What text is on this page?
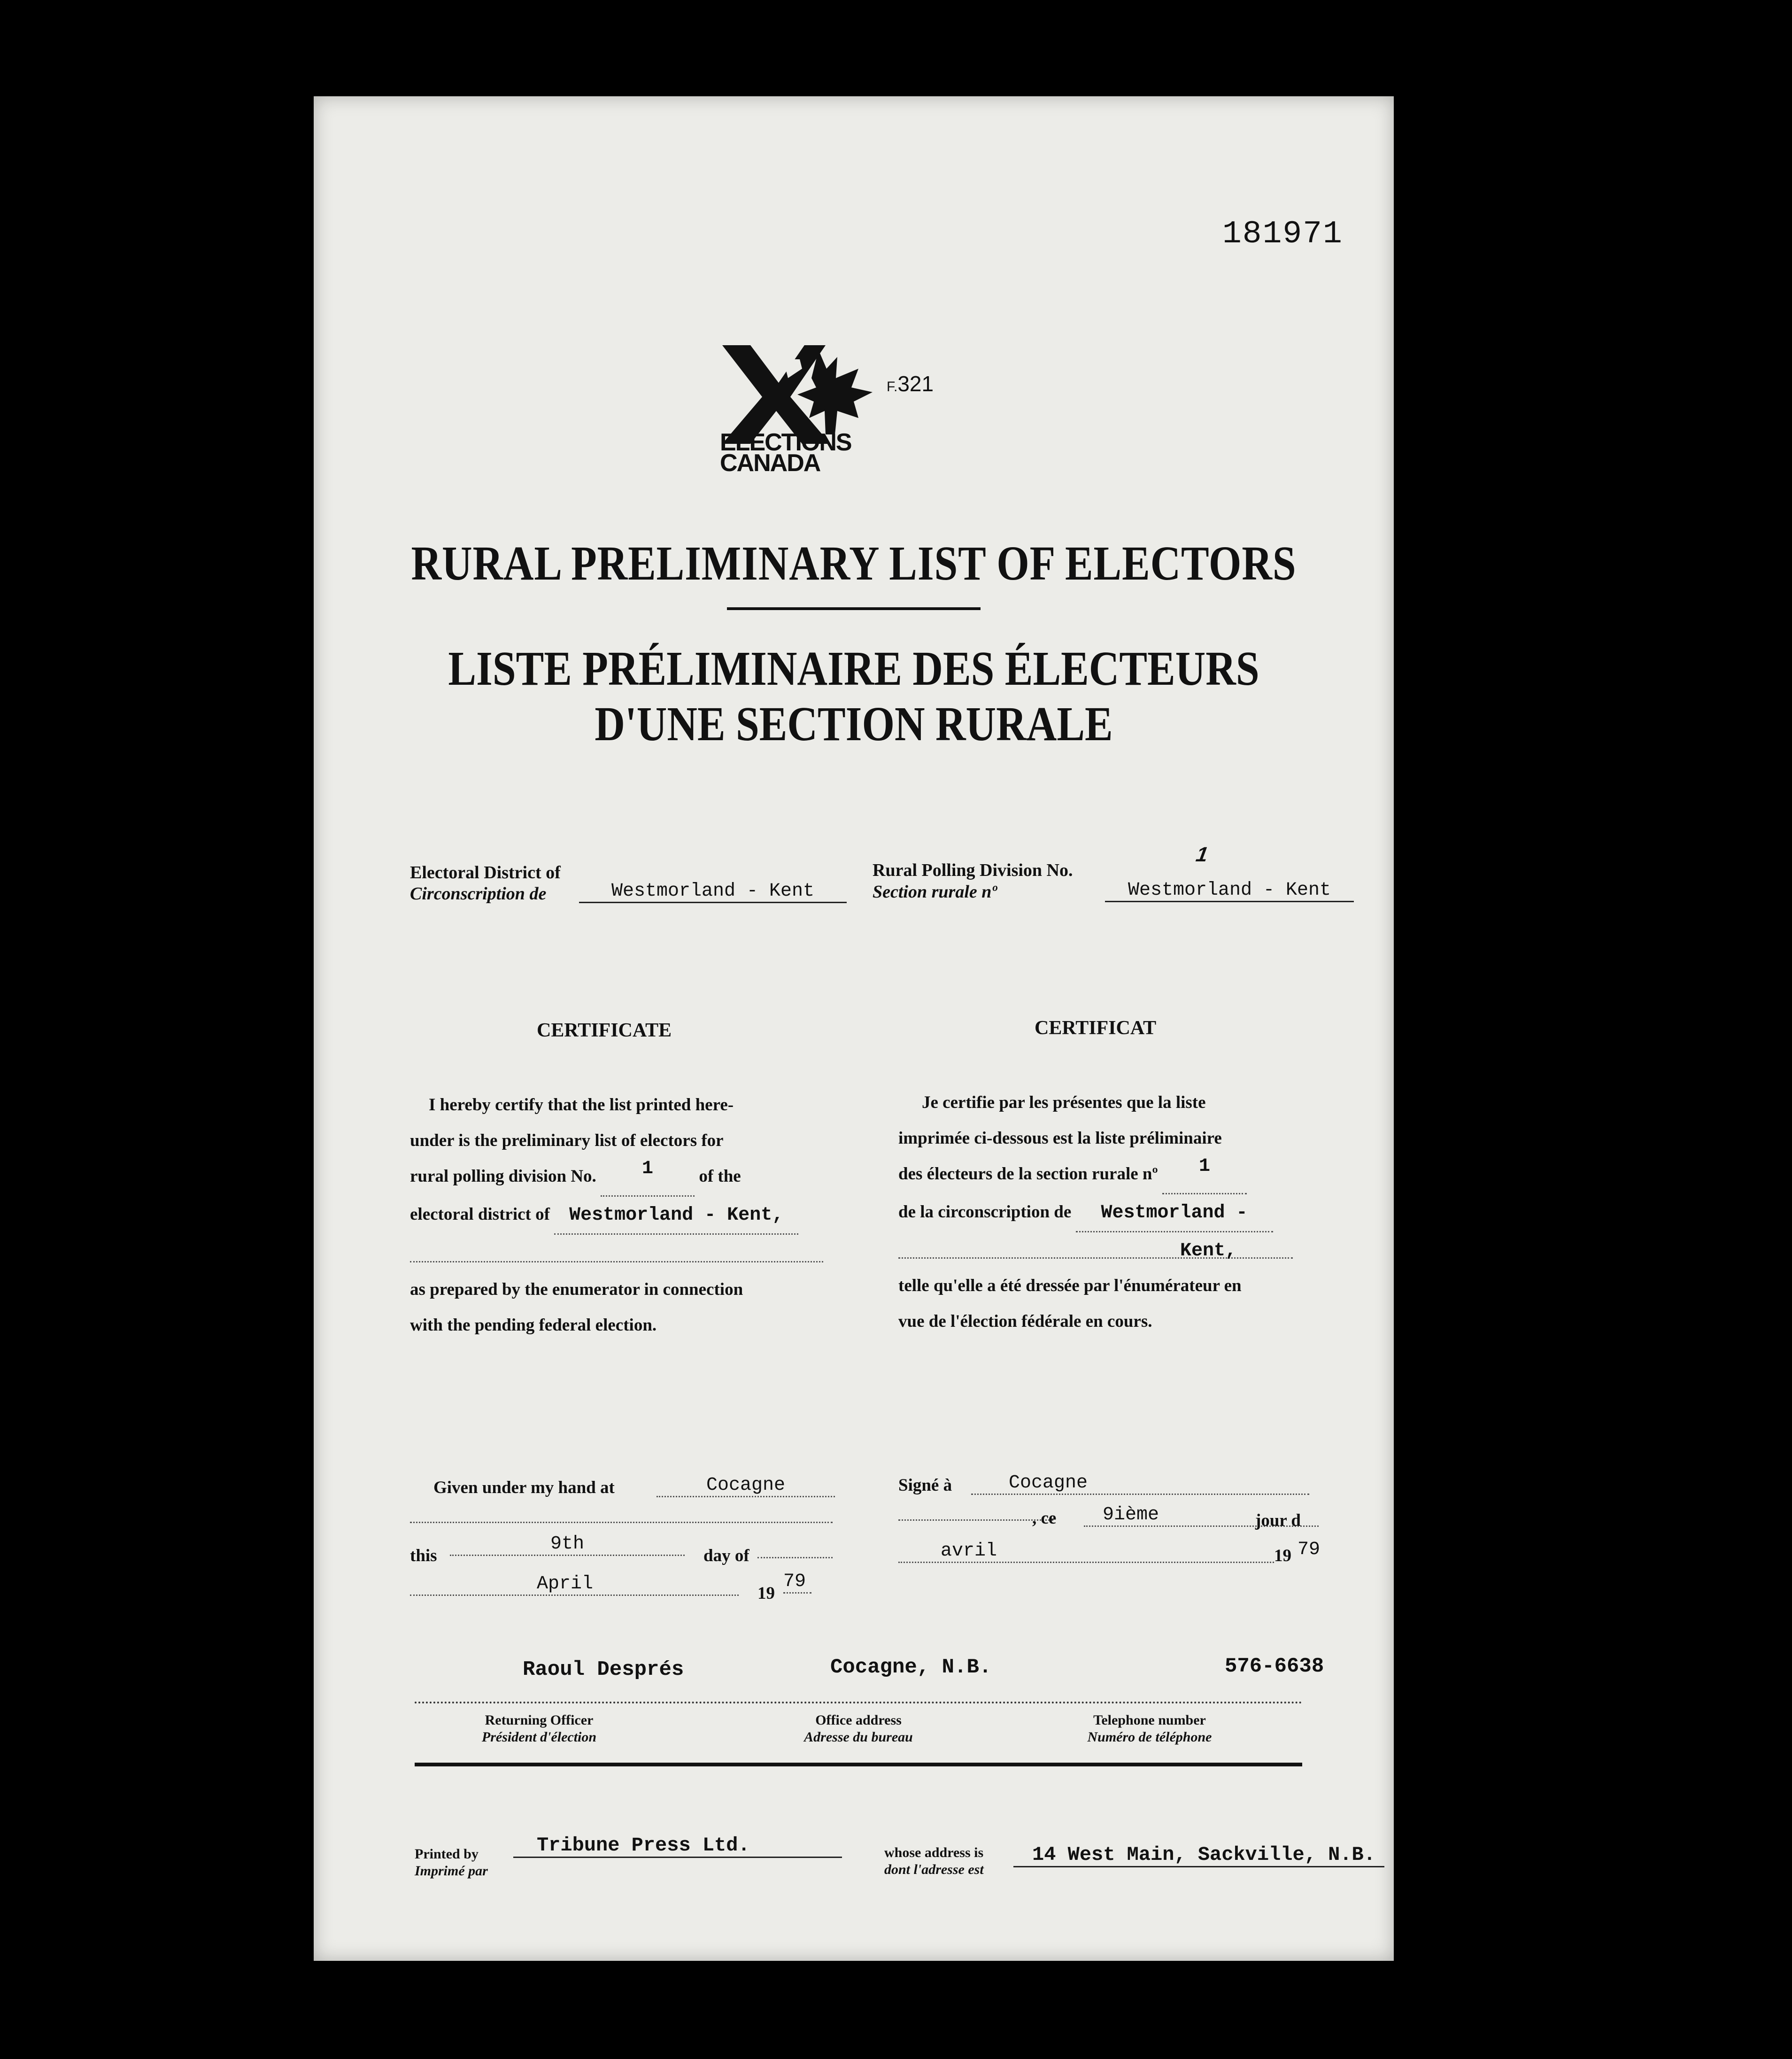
181971
ELECTIONS
CANADA
F.321
RURAL PRELIMINARY LIST OF ELECTORS
LISTE PRÉLIMINAIRE DES ÉLECTEURS
D'UNE SECTION RURALE
Electoral District of
Circonscription de	Westmorland - Kent
Rural Polling Division No.
Section rurale nº
1
Westmorland - Kent
CERTIFICATE
I hereby certify that the list printed here-
under is the preliminary list of electors for
rural polling division No. 1	of the
electoral district of Westmorland - Kent,
as prepared by the enumerator in connection
with the pending federal election.
Given under my hand at	Cocagne
this
9th
day of
April	19
79
CERTIFICAT
Je certifie par les présentes que la liste
imprimée ci-dessous est la liste préliminaire
des électeurs de la section rurale nº 1
de la circonscription de Westmorland -
Kent,
telle qu'elle a été dressée par l'énumérateur en
vue de l'élection fédérale en cours.
Signé à	Cocagne
, ce	9ième	jour d
avril	19 79
Raoul Després	Cocagne, N.B.	576-6638
Returning Officer
Président d'élection
Office address
Adresse du bureau
Telephone number
Numéro de téléphone
Printed by
Imprimé par
Tribune Press Ltd.	whose address is
dont l'adresse est
14 West Main, Sackville, N.B.
